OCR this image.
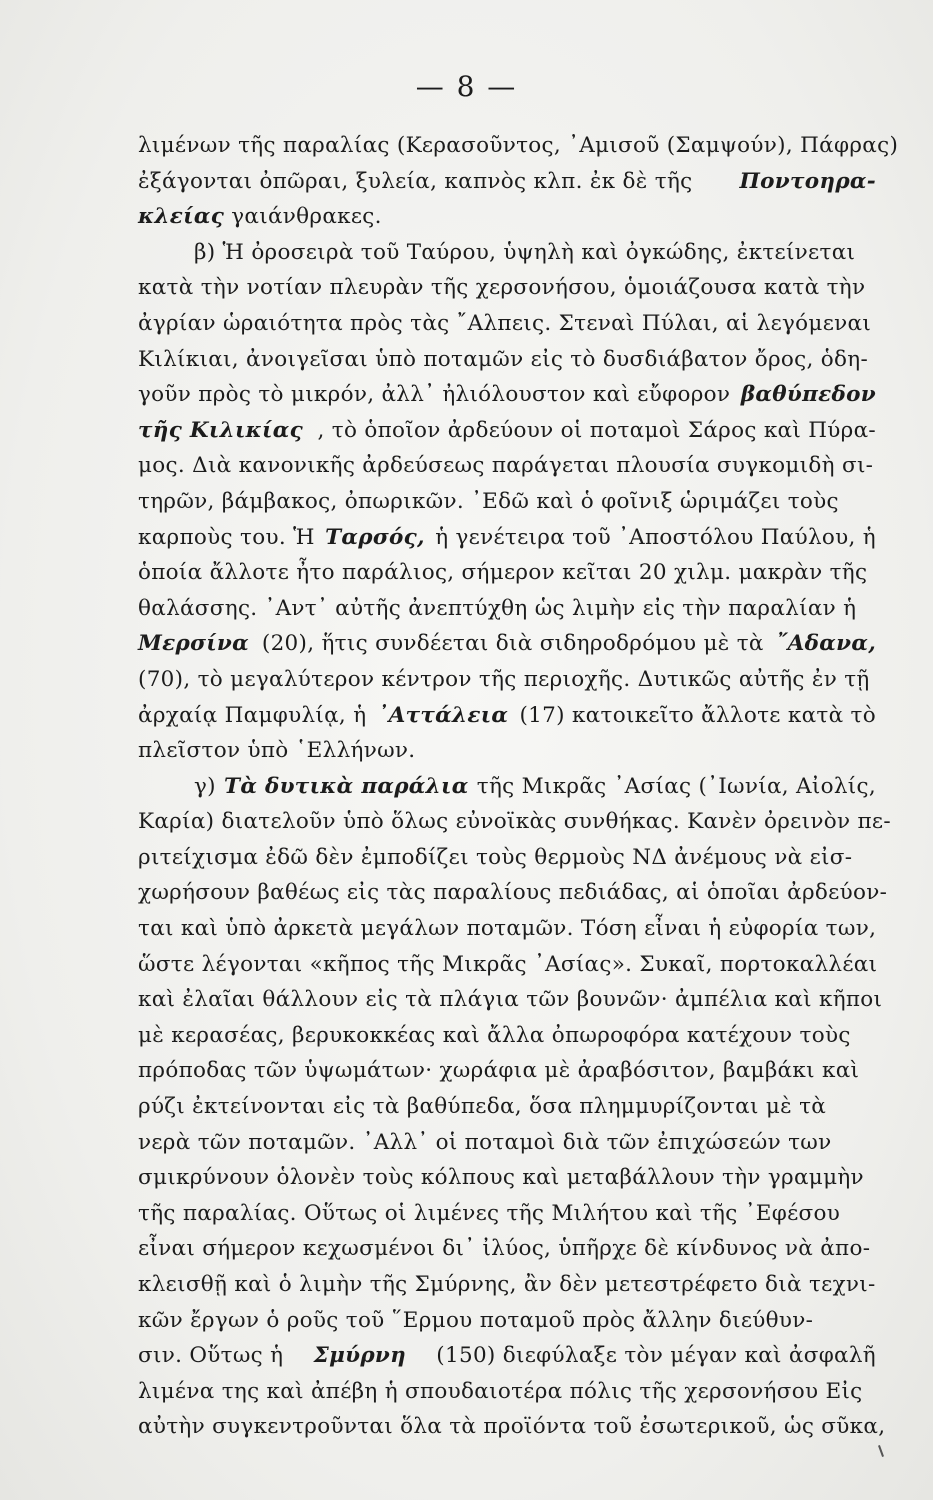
— 8 —
λιμένων τῆς παραλίας (Κερασοῦντος, ᾿Αμισοῦ (Σαμψούν), Πάφρας)
ἐξάγονται ὀπῶραι, ξυλεία, καπνὸς κλπ. ἐκ δὲ τῆς Ποντοηρα-
κλείας γαιάνθρακες.
β) Ἡ ὀροσειρὰ τοῦ Ταύρου, ὑψηλὴ καὶ ὀγκώδης, ἐκτείνεται
κατὰ τὴν νοτίαν πλευρὰν τῆς χερσονήσου, ὁμοιάζουσα κατὰ τὴν
ἀγρίαν ὡραιότητα πρὸς τὰς ῎Αλπεις. Στεναὶ Πύλαι, αἱ λεγόμεναι
Κιλίκιαι, ἀνοιγεῖσαι ὑπὸ ποταμῶν εἰς τὸ δυσδιάβατον ὄρος, ὁδη-
γοῦν πρὸς τὸ μικρόν, ἀλλ᾽ ἠλιόλουστον καὶ εὔφορον βαθύπεδον
τῆς Κιλικίας , τὸ ὁποῖον ἀρδεύουν οἱ ποταμοὶ Σάρος καὶ Πύρα-
μος. Διὰ κανονικῆς ἀρδεύσεως παράγεται πλουσία συγκομιδὴ σι-
τηρῶν, βάμβακος, ὀπωρικῶν. ᾿Εδῶ καὶ ὁ φοῖνιξ ὡριμάζει τοὺς
καρποὺς του. Ἡ Ταρσός, ἡ γενέτειρα τοῦ ᾿Αποστόλου Παύλου, ἡ
ὁποία ἄλλοτε ἦτο παράλιος, σήμερον κεῖται 20 χιλμ. μακρὰν τῆς
θαλάσσης. ᾿Αντ᾽ αὐτῆς ἀνεπτύχθη ὡς λιμὴν εἰς τὴν παραλίαν ἡ
Μερσίνα (20), ἥτις συνδέεται διὰ σιδηροδρόμου μὲ τὰ ῎Αδανα,
(70), τὸ μεγαλύτερον κέντρον τῆς περιοχῆς. Δυτικῶς αὐτῆς ἐν τῇ
ἀρχαίᾳ Παμφυλίᾳ, ἡ ᾿Αττάλεια (17) κατοικεῖτο ἄλλοτε κατὰ τὸ
πλεῖστον ὑπὸ ῾Ελλήνων.
γ) Τὰ δυτικὰ παράλια τῆς Μικρᾶς ᾿Ασίας (᾿Ιωνία, Αἰολίς,
Καρία) διατελοῦν ὑπὸ ὅλως εὐνοϊκὰς συνθήκας. Κανὲν ὀρεινὸν πε-
ριτείχισμα ἐδῶ δὲν ἐμποδίζει τοὺς θερμοὺς ΝΔ ἀνέμους νὰ εἰσ-
χωρήσουν βαθέως εἰς τὰς παραλίους πεδιάδας, αἱ ὁποῖαι ἀρδεύον-
ται καὶ ὑπὸ ἀρκετὰ μεγάλων ποταμῶν. Τόση εἶναι ἡ εὐφορία των,
ὥστε λέγονται «κῆπος τῆς Μικρᾶς ᾿Ασίας». Συκαῖ, πορτοκαλλέαι
καὶ ἐλαῖαι θάλλουν εἰς τὰ πλάγια τῶν βουνῶν· ἀμπέλια καὶ κῆποι
μὲ κερασέας, βερυκοκκέας καὶ ἄλλα ὀπωροφόρα κατέχουν τοὺς
πρόποδας τῶν ὑψωμάτων· χωράφια μὲ ἀραβόσιτον, βαμβάκι καὶ
ρύζι ἐκτείνονται εἰς τὰ βαθύπεδα, ὅσα πλημμυρίζονται μὲ τὰ
νερὰ τῶν ποταμῶν. ᾿Αλλ᾽ οἱ ποταμοὶ διὰ τῶν ἐπιχώσεών των
σμικρύνουν ὁλονὲν τοὺς κόλπους καὶ μεταβάλλουν τὴν γραμμὴν
τῆς παραλίας. Οὕτως οἱ λιμένες τῆς Μιλήτου καὶ τῆς ᾿Εφέσου
εἶναι σήμερον κεχωσμένοι δι᾽ ἰλύος, ὑπῆρχε δὲ κίνδυνος νὰ ἀπο-
κλεισθῇ καὶ ὁ λιμὴν τῆς Σμύρνης, ἂν δὲν μετεστρέφετο διὰ τεχνι-
κῶν ἔργων ὁ ροῦς τοῦ ῞Ερμου ποταμοῦ πρὸς ἄλλην διεύθυν-
σιν. Οὕτως ἡ Σμύρνη (150) διεφύλαξε τὸν μέγαν καὶ ἀσφαλῆ
λιμένα της καὶ ἀπέβη ἡ σπουδαιοτέρα πόλις τῆς χερσονήσου Εἰς
αὐτὴν συγκεντροῦνται ὅλα τὰ προϊόντα τοῦ ἐσωτερικοῦ, ὡς σῦκα,
